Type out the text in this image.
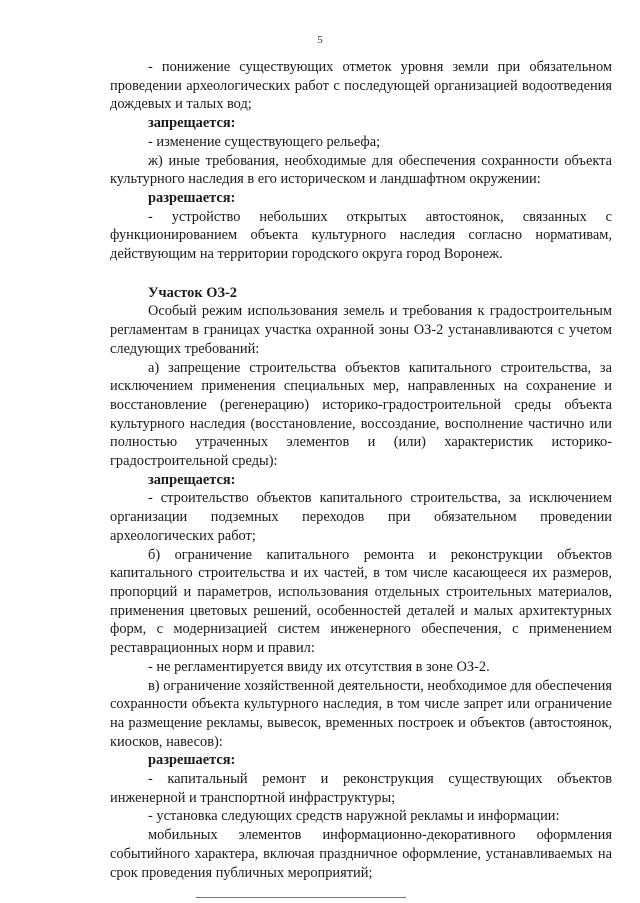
5

- понижение существующих отметок уровня земли при обязательном проведении археологических работ с последующей организацией водоотведения дождевых и талых вод;

запрещается:

- изменение существующего рельефа;

ж) иные требования, необходимые для обеспечения сохранности объекта культурного наследия в его историческом и ландшафтном окружении:

разрешается:

- устройство небольших открытых автостоянок, связанных с функционированием объекта культурного наследия согласно нормативам, действующим на территории городского округа город Воронеж.

Участок ОЗ-2

Особый режим использования земель и требования к градостроительным регламентам в границах участка охранной зоны ОЗ-2 устанавливаются с учетом следующих требований:

а) запрещение строительства объектов капитального строительства, за исключением применения специальных мер, направленных на сохранение и восстановление (регенерацию) историко-градостроительной среды объекта культурного наследия (восстановление, воссоздание, восполнение частично или полностью утраченных элементов и (или) характеристик историко-градостроительной среды):

запрещается:

- строительство объектов капитального строительства, за исключением организации подземных переходов при обязательном проведении археологических работ;

б) ограничение капитального ремонта и реконструкции объектов капитального строительства и их частей, в том числе касающееся их размеров, пропорций и параметров, использования отдельных строительных материалов, применения цветовых решений, особенностей деталей и малых архитектурных форм, с модернизацией систем инженерного обеспечения, с применением реставрационных норм и правил:

- не регламентируется ввиду их отсутствия в зоне ОЗ-2.

в) ограничение хозяйственной деятельности, необходимое для обеспечения сохранности объекта культурного наследия, в том числе запрет или ограничение на размещение рекламы, вывесок, временных построек и объектов (автостоянок, киосков, навесов):

разрешается:

- капитальный ремонт и реконструкция существующих объектов инженерной и транспортной инфраструктуры;

- установка следующих средств наружной рекламы и информации:

мобильных элементов информационно-декоративного оформления событийного характера, включая праздничное оформление, устанавливаемых на срок проведения публичных мероприятий;
